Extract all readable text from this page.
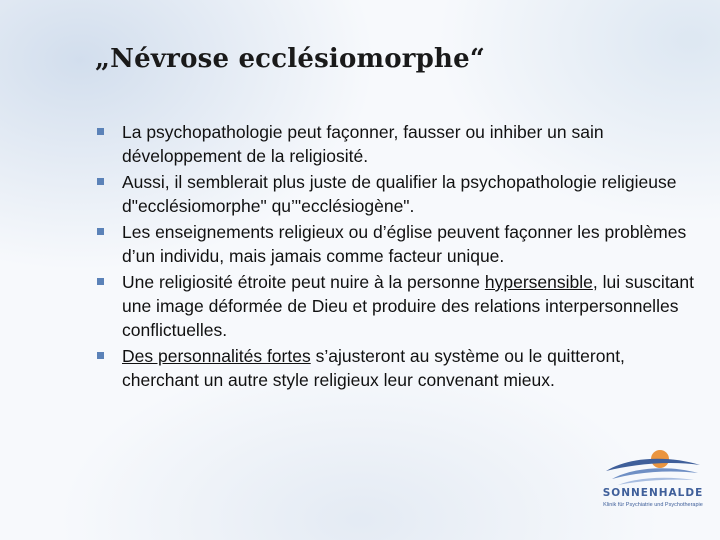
„Névrose ecclésiomorphe“
La psychopathologie peut façonner, fausser ou inhiber un sain développement de la religiosité.
Aussi, il semblerait plus juste de qualifier la psychopathologie religieuse d"ecclésiomorphe" qu’"ecclésiogène".
Les enseignements religieux ou d’église peuvent façonner les problèmes d’un individu, mais jamais comme facteur unique.
Une religiosité étroite peut nuire à la personne hypersensible, lui suscitant une image déformée de Dieu et produire des relations interpersonnelles conflictuelles.
Des personnalités fortes s’ajusteront au système ou le quitteront, cherchant un autre style religieux leur convenant mieux.
SONNENHALDE
Klinik für Psychiatrie und Psychotherapie
